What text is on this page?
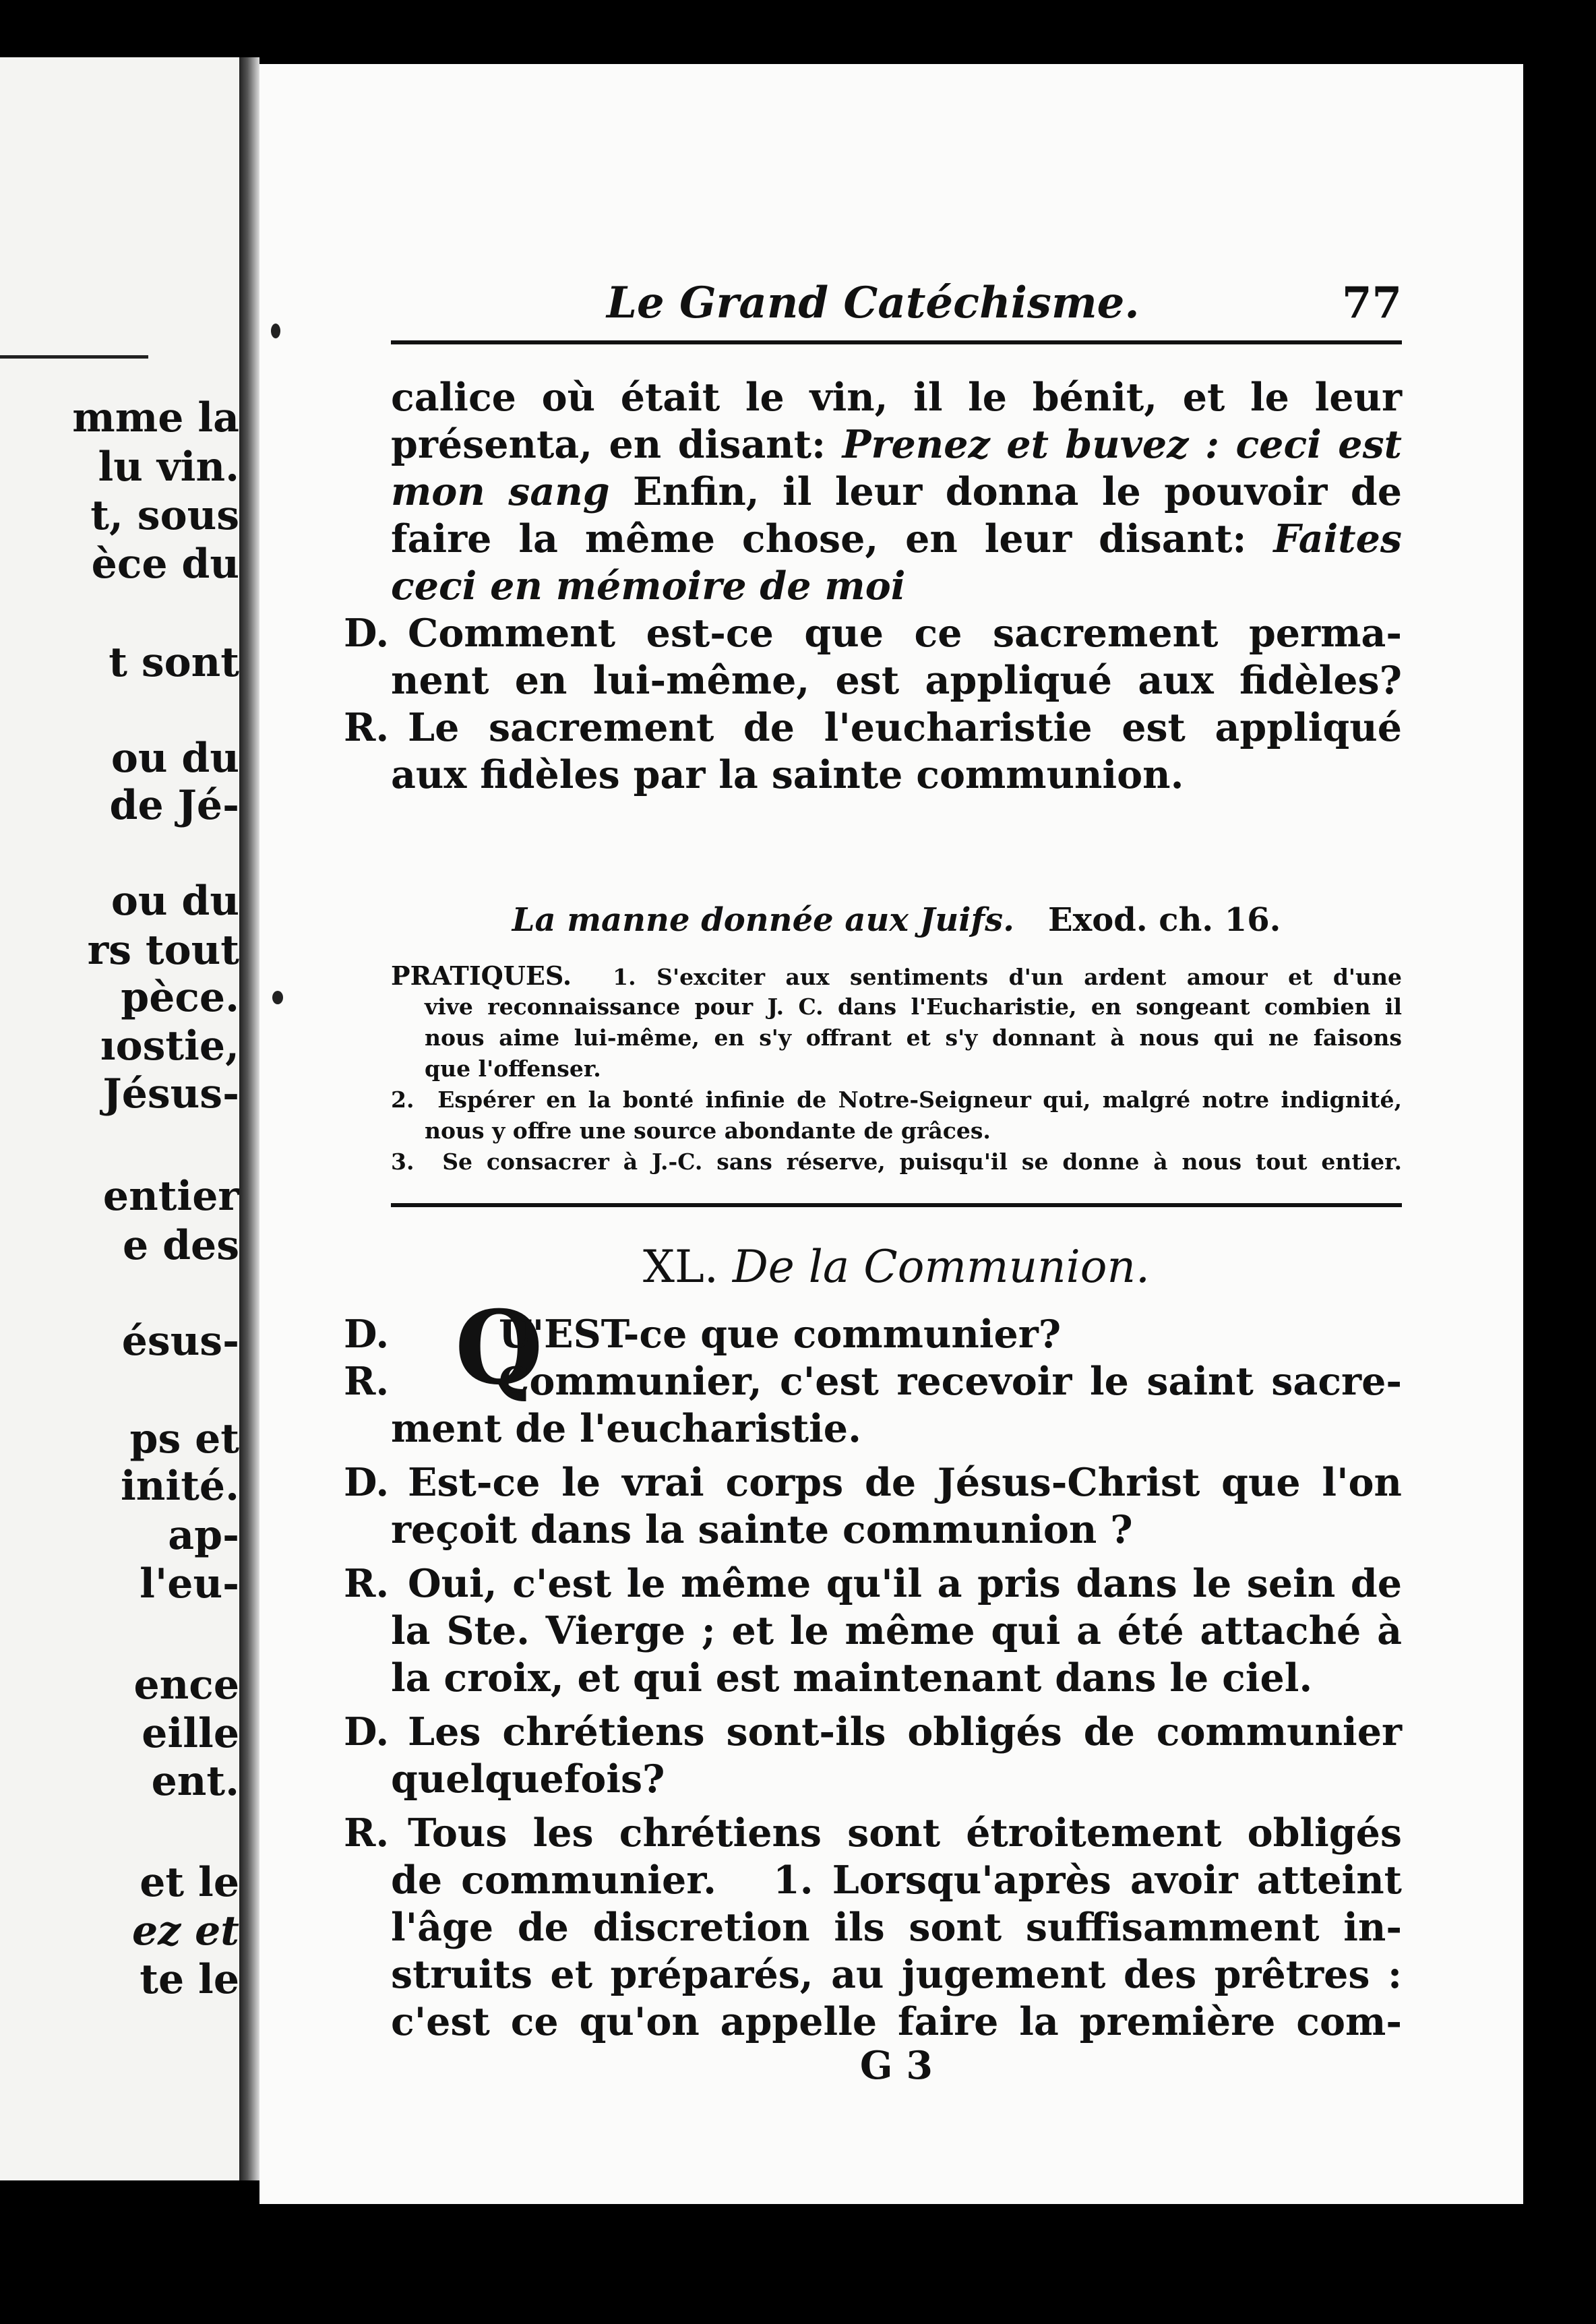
mme la
lu vin.
t, sous
èce du
t sont
ou du
de Jé-
ou du
rs tout
pèce.
ıostie,
Jésus-
entier
e des
ésus-
ps et
inité.
ap-
l'eu-
ence
eille
ent.
et le
ez et
te le
Le Grand Catéchisme.	77
calice où était le vin, il le bénit, et le leur
présenta, en disant: Prenez et buvez : ceci est
mon sang Enfin, il leur donna le pouvoir de
faire la même chose, en leur disant: Faites
ceci en mémoire de moi
D. Comment est-ce que ce sacrement perma-
nent en lui-même, est appliqué aux fidèles?
R. Le sacrement de l'eucharistie est appliqué
aux fidèles par la sainte communion.
La manne donnée aux Juifs. Exod. ch. 16.
PRATIQUES. 1. S'exciter aux sentiments d'un ardent amour et d'une
vive reconnaissance pour J. C. dans l'Eucharistie, en songeant combien il
nous aime lui-même, en s'y offrant et s'y donnant à nous qui ne faisons
que l'offenser.
2. Espérer en la bonté infinie de Notre-Seigneur qui, malgré notre indignité,
nous y offre une source abondante de grâces.
3. Se consacrer à J.-C. sans réserve, puisqu'il se donne à nous tout entier.
XL. De la Communion.
Q
D.	U'EST-ce que communier?
R.	Communier, c'est recevoir le saint sacre-
ment de l'eucharistie.
D. Est-ce le vrai corps de Jésus-Christ que l'on
reçoit dans la sainte communion ?
R. Oui, c'est le même qu'il a pris dans le sein de
la Ste. Vierge ; et le même qui a été attaché à
la croix, et qui est maintenant dans le ciel.
D. Les chrétiens sont-ils obligés de communier
quelquefois?
R. Tous les chrétiens sont étroitement obligés
de communier. 1. Lorsqu'après avoir atteint
l'âge de discretion ils sont suffisamment in-
struits et préparés, au jugement des prêtres :
c'est ce qu'on appelle faire la première com-
G 3
